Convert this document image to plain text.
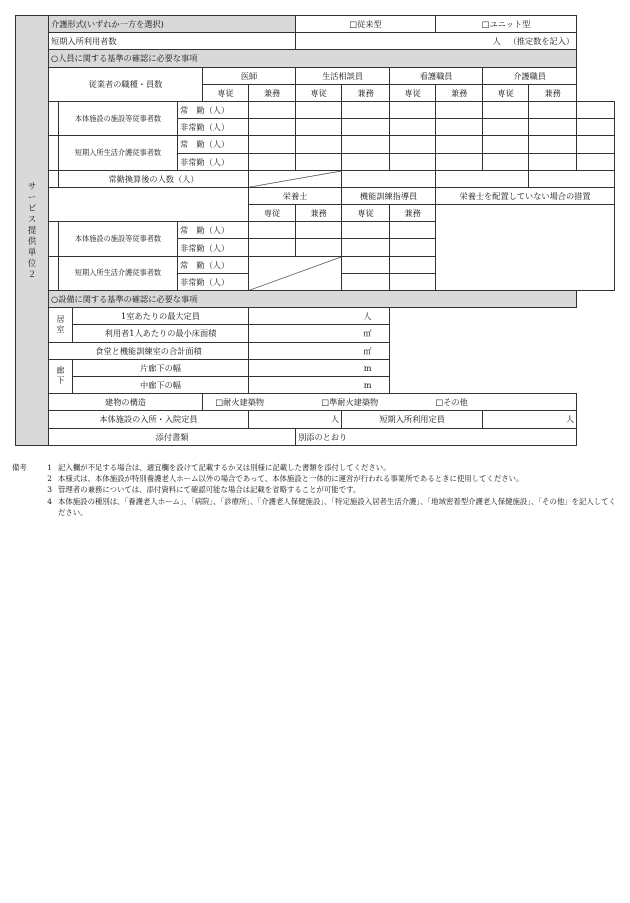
サービス提供単位２	介護形式(いずれか一方を選択)						□従来型			□ユニット型			
	短期入所利用者数						人 （推定数を記入）						
	○人員に関する基準の確認に必要な事項												
	従業者の職種・員数				医師		生活相談員		看護職員		介護職員		
					専従	兼務	専従	兼務	専従	兼務	専従	兼務	
		本体施設の施設等従事者数		常　勤（人）									
				非常勤（人）									
		短期入所生活介護従事者数		常　勤（人）									
				非常勤（人）									
		常勤換算後の人数（人）	

						栄養士		機能訓練指導員		栄養士を配置していない場合の措置			
						専従	兼務	専従	兼務				
		本体施設の施設等従事者数		常　勤（人）									
				非常勤（人）									
		短期入所生活介護従事者数		常　勤（人）	

				非常勤（人）									
	○設備に関する基準の確認に必要な事項												

	居室		1室あたりの最大定員			人							
			利用者1人あたりの最小床面積			㎡							
	食堂と機能訓練室の合計面積					㎡							

	廊下		片廊下の幅			m							
			中廊下の幅			m							
	建物の構造				□耐火建築物 □準耐火建築物 □その他								
	本体施設の入所・入院定員					人		短期入所利用定員			人		
	添付書類						別添のとおり						
備考	1 記入欄が不足する場合は、適宜欄を設けて記載するか又は別様に記載した書類を添付してください。
2 本様式は、本体施設が特別養護老人ホーム以外の場合であって、本体施設と一体的に運営が行われる事業所であるときに使用してください。
3 管理者の兼務については、添付資料にて確認可能な場合は記載を省略することが可能です。
4 本体施設の種別は、「養護老人ホーム」、「病院」、「診療所」、「介護老人保健施設」、「特定施設入居者生活介護」、「地域密着型介護老人保健施設」、「その他」を記入してください。
